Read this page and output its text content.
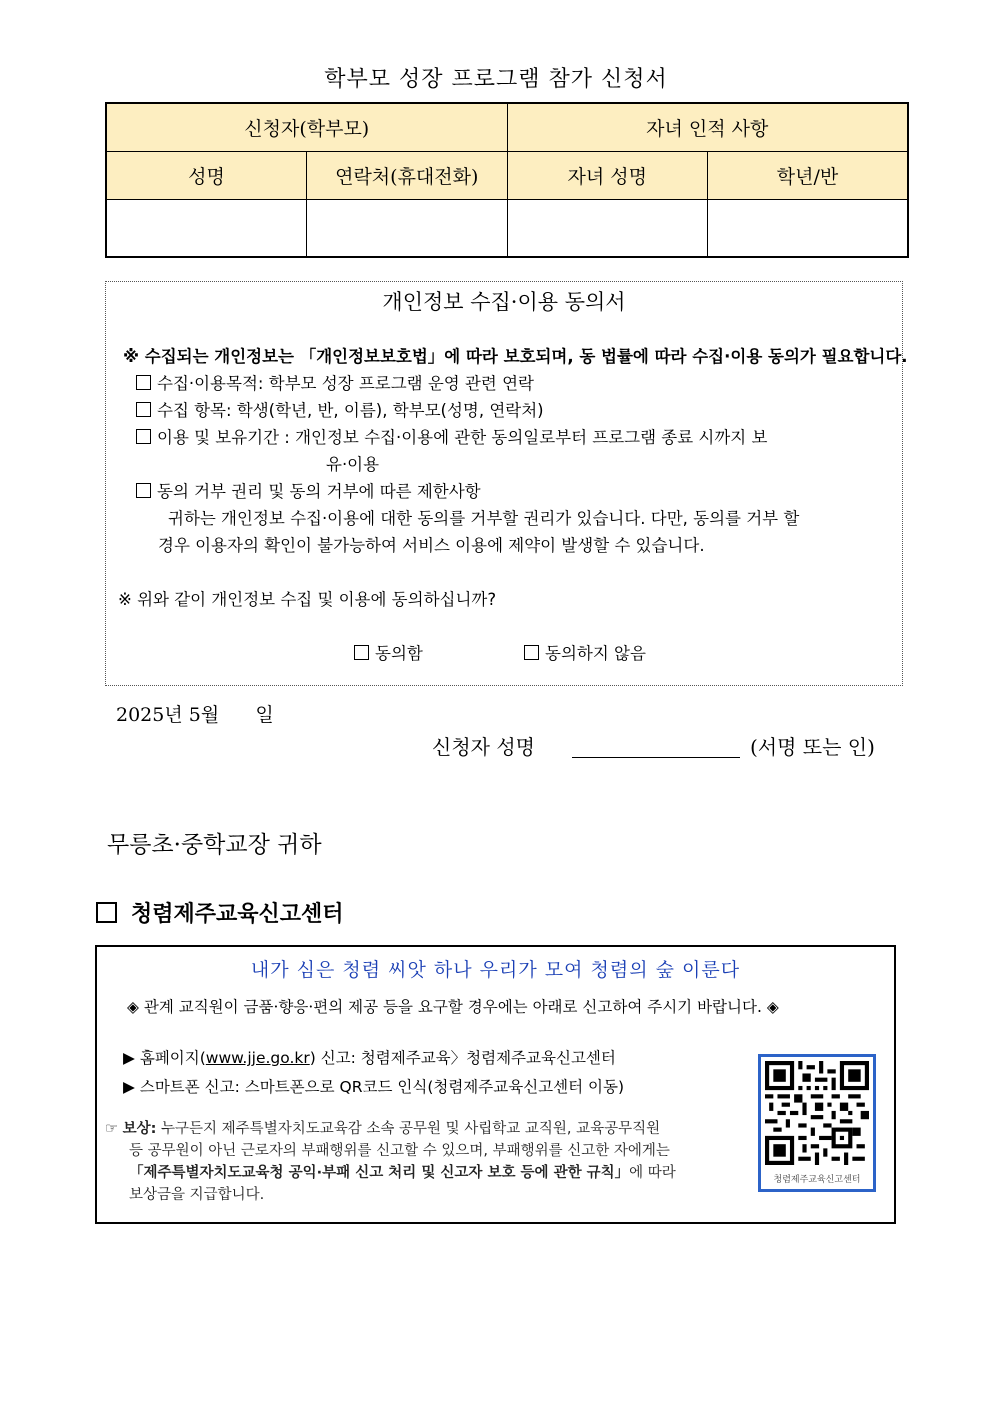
학부모 성장 프로그램 참가 신청서
신청자(학부모)		자녀 인적 사항	
성명	연락처(휴대전화)	자녀 성명	학년/반

개인정보 수집·이용 동의서
※ 수집되는 개인정보는 「개인정보보호법」에 따라 보호되며, 동 법률에 따라 수집·이용 동의가 필요합니다.
수집·이용목적: 학부모 성장 프로그램 운영 관련 연락
수집 항목: 학생(학년, 반, 이름), 학부모(성명, 연락처)
이용 및 보유기간 : 개인정보 수집·이용에 관한 동의일로부터 프로그램 종료 시까지 보
유·이용
동의 거부 권리 및 동의 거부에 따른 제한사항
귀하는 개인정보 수집·이용에 대한 동의를 거부할 권리가 있습니다. 다만, 동의를 거부 할
경우 이용자의 확인이 불가능하여 서비스 이용에 제약이 발생할 수 있습니다.
※ 위와 같이 개인정보 수집 및 이용에 동의하십니까?
동의함	동의하지 않음
2025년 5월      일
신청자 성명	(서명 또는 인)
무릉초·중학교장 귀하
청렴제주교육신고센터
내가 심은 청렴 씨앗 하나 우리가 모여 청렴의 숲 이룬다
◈ 관계 교직원이 금품·향응·편의 제공 등을 요구할 경우에는 아래로 신고하여 주시기 바랍니다. ◈
▶ 홈페이지(www.jje.go.kr) 신고: 청렴제주교육〉청렴제주교육신고센터
▶ 스마트폰 신고: 스마트폰으로 QR코드 인식(청렴제주교육신고센터 이동)
☞ 보상: 누구든지 제주특별자치도교육감 소속 공무원 및 사립학교 교직원, 교육공무직원
등 공무원이 아닌 근로자의 부패행위를 신고할 수 있으며, 부패행위를 신고한 자에게는
「제주특별자치도교육청 공익·부패 신고 처리 및 신고자 보호 등에 관한 규칙」에 따라
보상금을 지급합니다.
청렴제주교육신고센터
